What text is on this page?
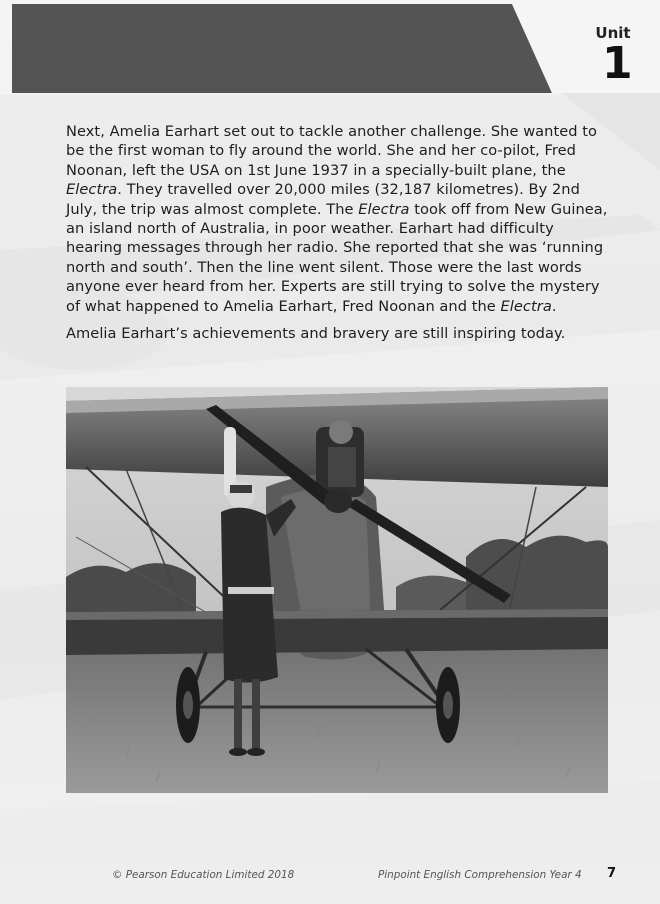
Unit
1

Next, Amelia Earhart set out to tackle another challenge. She wanted to be the first woman to fly around the world. She and her co-pilot, Fred Noonan, left the USA on 1st June 1937 in a specially-built plane, the Electra. They travelled over 20,000 miles (32,187 kilometres). By 2nd July, the trip was almost complete. The Electra took off from New Guinea, an island north of Australia, in poor weather. Earhart had difficulty hearing messages through her radio. She reported that she was ‘running north and south’. Then the line went silent. Those were the last words anyone ever heard from her. Experts are still trying to solve the mystery of what happened to Amelia Earhart, Fred Noonan and the Electra.

Amelia Earhart’s achievements and bravery are still inspiring today.

© Pearson Education Limited 2018	Pinpoint English Comprehension Year 4 7
